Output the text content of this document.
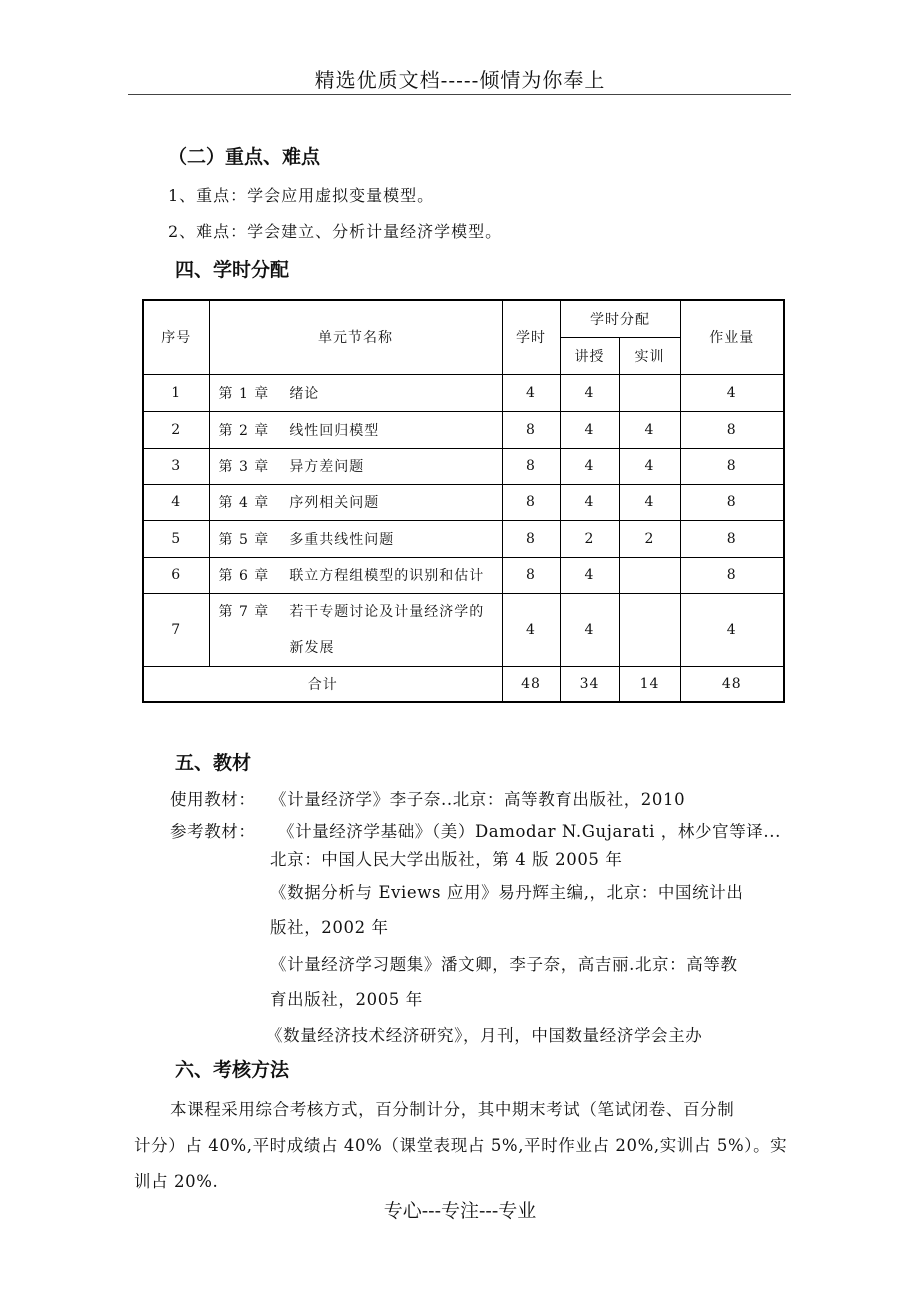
精选优质文档-----倾情为你奉上
（二）重点、难点
1、重点：学会应用虚拟变量模型。
2、难点：学会建立、分析计量经济学模型。
四、学时分配
序号	单元节名称	学时	学时分配		作业量
			讲授	实训	
1	第 1 章 绪论	4	4		4
2	第 2 章 线性回归模型	8	4	4	8
3	第 3 章 异方差问题	8	4	4	8
4	第 4 章 序列相关问题	8	4	4	8
5	第 5 章 多重共线性问题	8	2	2	8
6	第 6 章 联立方程组模型的识别和估计	8	4		8
7	第 7 章 若干专题讨论及计量经济学的
新发展	4	4		4
合计		48	34	14	48
五、教材
使用教材： 《计量经济学》李子奈..北京：高等教育出版社，2010
参考教材： 《计量经济学基础》（美）Damodar N.Gujarati ，林少官等译...
北京：中国人民大学出版社，第 4 版 2005 年
《数据分析与 Eviews 应用》易丹辉主编,，北京：中国统计出
版社，2002 年
《计量经济学习题集》潘文卿，李子奈，高吉丽.北京：高等教
育出版社，2005 年
《数量经济技术经济研究》，月刊，中国数量经济学会主办
六、考核方法
本课程采用综合考核方式，百分制计分，其中期末考试（笔试闭卷、百分制
计分）占 40%,平时成绩占 40%（课堂表现占 5%,平时作业占 20%,实训占 5%）。实
训占 20%.
专心---专注---专业
